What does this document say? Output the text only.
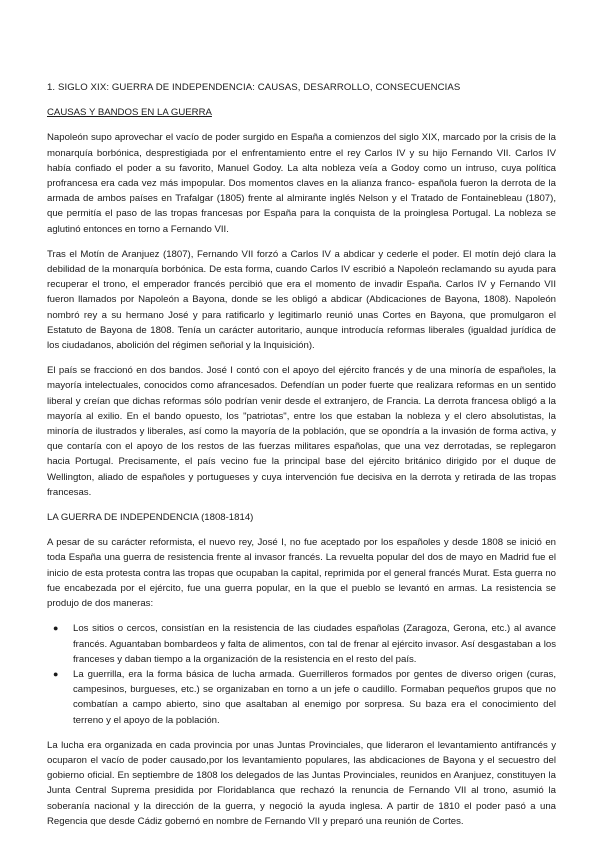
1. SIGLO XIX: GUERRA DE INDEPENDENCIA: CAUSAS, DESARROLLO, CONSECUENCIAS

CAUSAS Y BANDOS EN LA GUERRA

Napoleón supo aprovechar el vacío de poder surgido en España a comienzos del siglo XIX, marcado por la crisis de la monarquía borbónica, desprestigiada por el enfrentamiento entre el rey Carlos IV y su hijo Fernando VII. Carlos IV había confiado el poder a su favorito, Manuel Godoy. La alta nobleza veía a Godoy como un intruso, cuya política profrancesa era cada vez más impopular. Dos momentos claves en la alianza franco- española fueron la derrota de la armada de ambos países en Trafalgar (1805) frente al almirante inglés Nelson y el Tratado de Fontainebleau (1807), que permitía el paso de las tropas francesas por España para la conquista de la proinglesa Portugal. La nobleza se aglutinó entonces en torno a Fernando VII.

Tras el Motín de Aranjuez (1807), Fernando VII forzó a Carlos IV a abdicar y cederle el poder. El motín dejó clara la debilidad de la monarquía borbónica. De esta forma, cuando Carlos IV escribió a Napoleón reclamando su ayuda para recuperar el trono, el emperador francés percibió que era el momento de invadir España. Carlos IV y Fernando VII fueron llamados por Napoleón a Bayona, donde se les obligó a abdicar (Abdicaciones de Bayona, 1808). Napoleón nombró rey a su hermano José y para ratificarlo y legitimarlo reunió unas Cortes en Bayona, que promulgaron el Estatuto de Bayona de 1808. Tenía un carácter autoritario, aunque introducía reformas liberales (igualdad jurídica de los ciudadanos, abolición del régimen señorial y la Inquisición).

El país se fraccionó en dos bandos. José I contó con el apoyo del ejército francés y de una minoría de españoles, la mayoría intelectuales, conocidos como afrancesados. Defendían un poder fuerte que realizara reformas en un sentido liberal y creían que dichas reformas sólo podrían venir desde el extranjero, de Francia. La derrota francesa obligó a la mayoría al exilio. En el bando opuesto, los "patriotas", entre los que estaban la nobleza y el clero absolutistas, la minoría de ilustrados y liberales, así como la mayoría de la población, que se opondría a la invasión de forma activa, y que contaría con el apoyo de los restos de las fuerzas militares españolas, que una vez derrotadas, se replegaron hacia Portugal. Precisamente, el país vecino fue la principal base del ejército británico dirigido por el duque de Wellington, aliado de españoles y portugueses y cuya intervención fue decisiva en la derrota y retirada de las tropas francesas.

LA GUERRA DE INDEPENDENCIA (1808-1814)

A pesar de su carácter reformista, el nuevo rey, José I, no fue aceptado por los españoles y desde 1808 se inició en toda España una guerra de resistencia frente al invasor francés. La revuelta popular del dos de mayo en Madrid fue el inicio de esta protesta contra las tropas que ocupaban la capital, reprimida por el general francés Murat. Esta guerra no fue encabezada por el ejército, fue una guerra popular, en la que el pueblo se levantó en armas. La resistencia se produjo de dos maneras:

● Los sitios o cercos, consistían en la resistencia de las ciudades españolas (Zaragoza, Gerona, etc.) al avance francés. Aguantaban bombardeos y falta de alimentos, con tal de frenar al ejército invasor. Así desgastaban a los franceses y daban tiempo a la organización de la resistencia en el resto del país.
● La guerrilla, era la forma básica de lucha armada. Guerrilleros formados por gentes de diverso origen (curas, campesinos, burgueses, etc.) se organizaban en torno a un jefe o caudillo. Formaban pequeños grupos que no combatían a campo abierto, sino que asaltaban al enemigo por sorpresa. Su baza era el conocimiento del terreno y el apoyo de la población.

La lucha era organizada en cada provincia por unas Juntas Provinciales, que lideraron el levantamiento antifrancés y ocuparon el vacío de poder causado,por los levantamiento populares, las abdicaciones de Bayona y el secuestro del gobierno oficial. En septiembre de 1808 los delegados de las Juntas Provinciales, reunidos en Aranjuez, constituyen la Junta Central Suprema presidida por Floridablanca que rechazó la renuncia de Fernando VII al trono, asumió la soberanía nacional y la dirección de la guerra, y negoció la ayuda inglesa. A partir de 1810 el poder pasó a una Regencia que desde Cádiz gobernó en nombre de Fernando VII y preparó una reunión de Cortes.
